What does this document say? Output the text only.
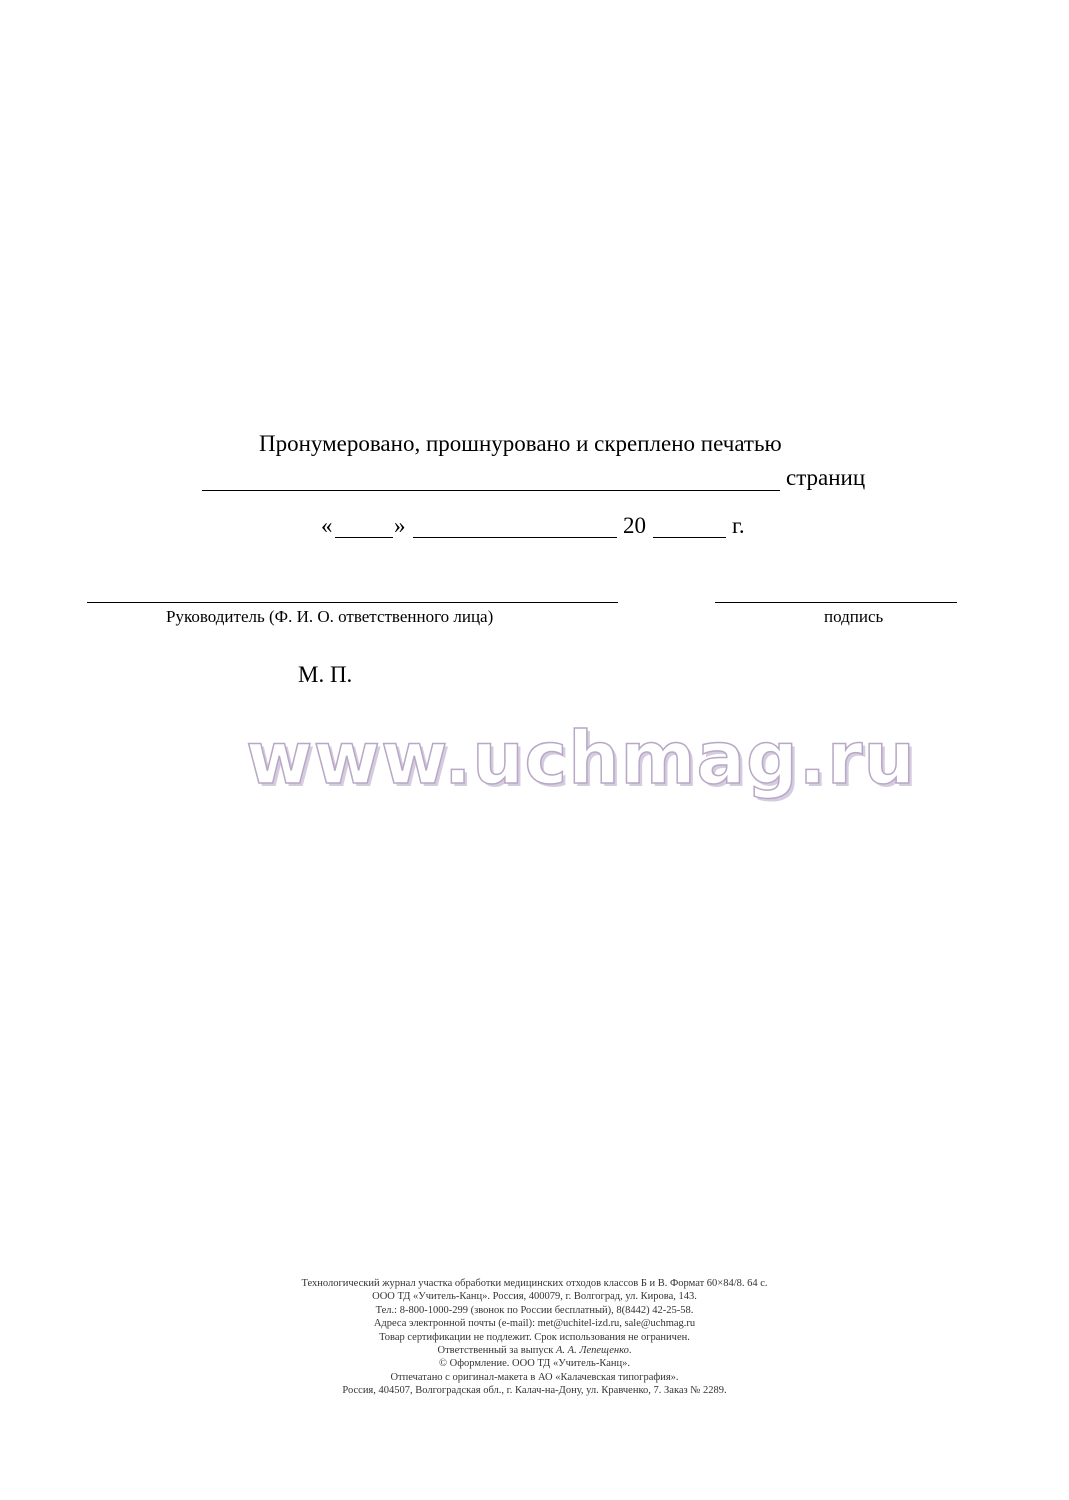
Пронумеровано, прошнуровано и скреплено печатью
страниц
«	»	20	г.
Руководитель (Ф. И. О. ответственного лица)	подпись
М. П.
www.uchmag.ru
Технологический журнал участка обработки медицинских отходов классов Б и В. Формат 60×84/8. 64 с.
ООО ТД «Учитель-Канц». Россия, 400079, г. Волгоград, ул. Кирова, 143.
Тел.: 8-800-1000-299 (звонок по России бесплатный), 8(8442) 42-25-58.
Адреса электронной почты (e-mail): met@uchitel-izd.ru, sale@uchmag.ru
Товар сертификации не подлежит. Срок использования не ограничен.
Ответственный за выпуск А. А. Лепещенко.
© Оформление. ООО ТД «Учитель-Канц».
Отпечатано с оригинал-макета в АО «Калачевская типография».
Россия, 404507, Волгоградская обл., г. Калач-на-Дону, ул. Кравченко, 7. Заказ № 2289.
